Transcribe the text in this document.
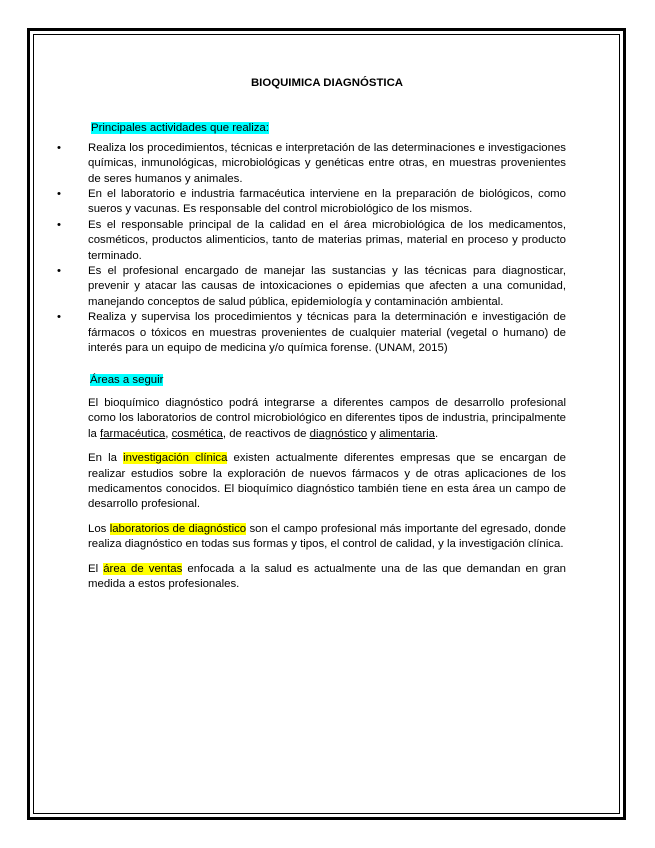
BIOQUIMICA DIAGNÓSTICA
Principales actividades que realiza:
• Realiza los procedimientos, técnicas e interpretación de las determinaciones e investigaciones químicas, inmunológicas, microbiológicas y genéticas entre otras, en muestras provenientes de seres humanos y animales.
• En el laboratorio e industria farmacéutica interviene en la preparación de biológicos, como sueros y vacunas. Es responsable del control microbiológico de los mismos.
• Es el responsable principal de la calidad en el área microbiológica de los medicamentos, cosméticos, productos alimenticios, tanto de materias primas, material en proceso y producto terminado.
• Es el profesional encargado de manejar las sustancias y las técnicas para diagnosticar, prevenir y atacar las causas de intoxicaciones o epidemias que afecten a una comunidad, manejando conceptos de salud pública, epidemiología y contaminación ambiental.
• Realiza y supervisa los procedimientos y técnicas para la determinación e investigación de fármacos o tóxicos en muestras provenientes de cualquier material (vegetal o humano) de interés para un equipo de medicina y/o química forense. (UNAM, 2015)
Áreas a seguir

El bioquímico diagnóstico podrá integrarse a diferentes campos de desarrollo profesional como los laboratorios de control microbiológico en diferentes tipos de industria, principalmente la farmacéutica, cosmética, de reactivos de diagnóstico y alimentaria.

En la investigación clínica existen actualmente diferentes empresas que se encargan de realizar estudios sobre la exploración de nuevos fármacos y de otras aplicaciones de los medicamentos conocidos. El bioquímico diagnóstico también tiene en esta área un campo de desarrollo profesional.

Los laboratorios de diagnóstico son el campo profesional más importante del egresado, donde realiza diagnóstico en todas sus formas y tipos, el control de calidad, y la investigación clínica.

El área de ventas enfocada a la salud es actualmente una de las que demandan en gran medida a estos profesionales.
